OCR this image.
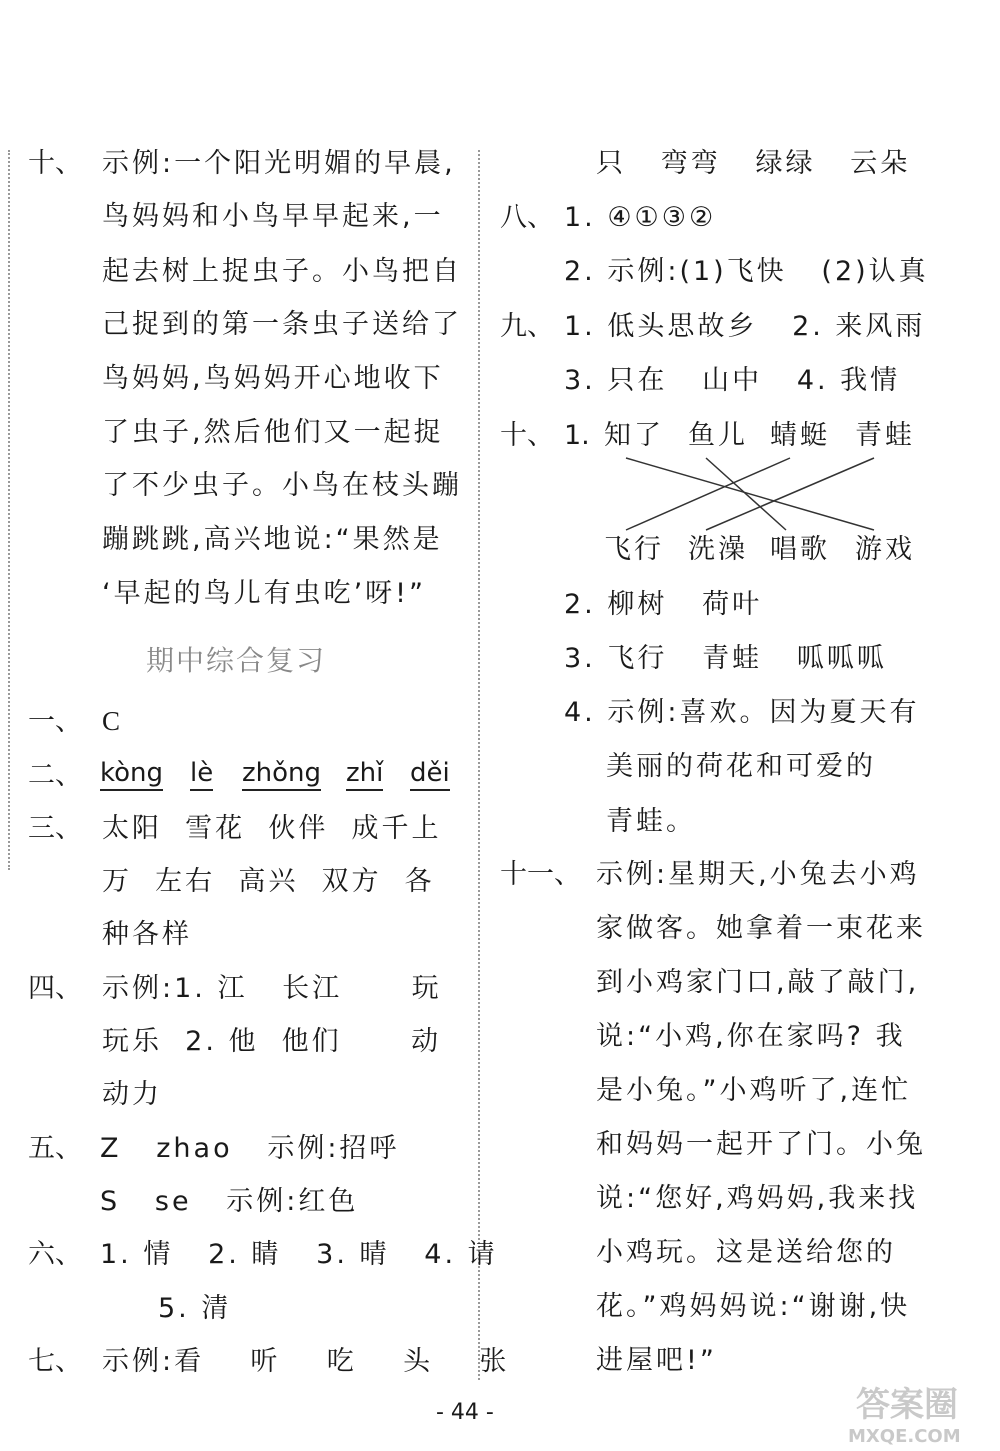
十、 示例:一个阳光明媚的早晨,
鸟妈妈和小鸟早早起来,一
起去树上捉虫子。小鸟把自
己捉到的第一条虫子送给了
鸟妈妈,鸟妈妈开心地收下
了虫子,然后他们又一起捉
了不少虫子。小鸟在枝头蹦
蹦跳跳,高兴地说:“果然是
‘早起的鸟儿有虫吃’呀!”
期中综合复习
一、 C
二、 kòng lè zhǒng zhǐ děi
三、 太阳  雪花  伙伴  成千上
万  左右  高兴  双方  各
种各样
四、 示例:1. 江   长江      玩
玩乐  2. 他  他们      动
动力
五、 Z   zhao   示例:招呼
S   se   示例:红色
六、 1. 情   2. 睛   3. 晴   4. 请
5. 清
七、 示例:看    听    吃    头    张
只   弯弯   绿绿   云朵
八、 1. ④①③②
2. 示例:(1)飞快   (2)认真
九、 1. 低头思故乡   2. 来风雨
3. 只在   山中   4. 我情
十、 1. 知了 鱼儿 蜻蜓 青蛙
飞行 洗澡 唱歌 游戏
2. 柳树   荷叶
3. 飞行   青蛙   呱呱呱
4. 示例:喜欢。因为夏天有
美丽的荷花和可爱的
青蛙。
十一、 示例:星期天,小兔去小鸡
家做客。她拿着一束花来
到小鸡家门口,敲了敲门,
说:“小鸡,你在家吗? 我
是小兔。”小鸡听了,连忙
和妈妈一起开了门。小兔
说:“您好,鸡妈妈,我来找
小鸡玩。这是送给您的
花。”鸡妈妈说:“谢谢,快
进屋吧!”
- 44 -	答案圈
MXQE.COM
